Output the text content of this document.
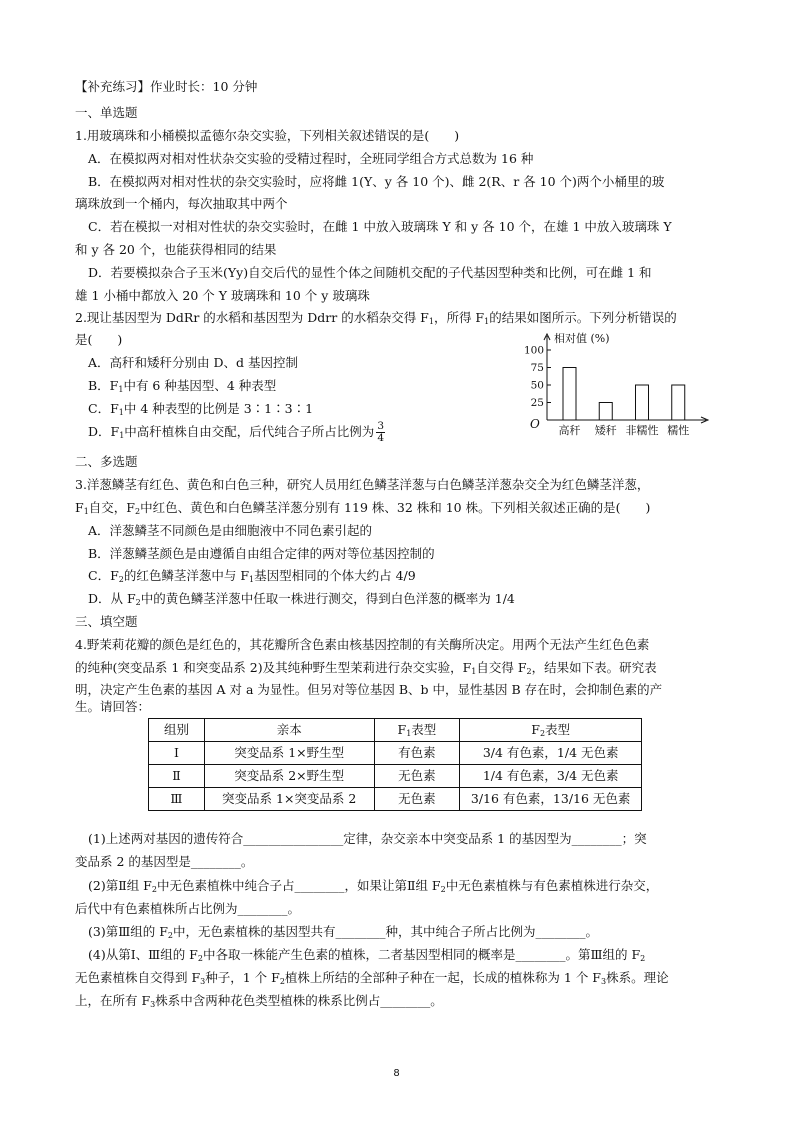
【补充练习】作业时长：10 分钟
一、单选题
1.用玻璃珠和小桶模拟孟德尔杂交实验，下列相关叙述错误的是(　　)
A．在模拟两对相对性状杂交实验的受精过程时，全班同学组合方式总数为 16 种
B．在模拟两对相对性状的杂交实验时，应将雌 1(Y、y 各 10 个)、雌 2(R、r 各 10 个)两个小桶里的玻
璃珠放到一个桶内，每次抽取其中两个
C．若在模拟一对相对性状的杂交实验时，在雌 1 中放入玻璃珠 Y 和 y 各 10 个，在雄 1 中放入玻璃珠 Y
和 y 各 20 个，也能获得相同的结果
D．若要模拟杂合子玉米(Yy)自交后代的显性个体之间随机交配的子代基因型种类和比例，可在雌 1 和
雄 1 小桶中都放入 20 个 Y 玻璃珠和 10 个 y 玻璃珠
2.现让基因型为 DdRr 的水稻和基因型为 Ddrr 的水稻杂交得 $F_1$，所得 $F_1$的结果如图所示。下列分析错误的
是(　　)
A．高秆和矮秆分别由 D、d 基因控制
B．$F_1$中有 6 种基因型、4 种表型
C．$F_1$中 4 种表型的比例是 3∶1∶3∶1
D．$F_1$中高秆植株自由交配，后代纯合子所占比例为 $\frac{3}{4}$
相对值 (%)
25
50
75
100
高秆 矮秆 非糯性 糯性
O
二、多选题
3.洋葱鳞茎有红色、黄色和白色三种，研究人员用红色鳞茎洋葱与白色鳞茎洋葱杂交全为红色鳞茎洋葱，
$F_1$自交，$F_2$中红色、黄色和白色鳞茎洋葱分别有 119 株、32 株和 10 株。下列相关叙述正确的是(　　)
A．洋葱鳞茎不同颜色是由细胞液中不同色素引起的
B．洋葱鳞茎颜色是由遵循自由组合定律的两对等位基因控制的
C．$F_2$的红色鳞茎洋葱中与 $F_1$基因型相同的个体大约占 4/9
D．从 $F_2$中的黄色鳞茎洋葱中任取一株进行测交，得到白色洋葱的概率为 1/4
三、填空题
4.野茉莉花瓣的颜色是红色的，其花瓣所含色素由核基因控制的有关酶所决定。用两个无法产生红色色素
的纯种(突变品系 1 和突变品系 2)及其纯种野生型茉莉进行杂交实验，$F_1$自交得 $F_2$，结果如下表。研究表
明，决定产生色素的基因 A 对 a 为显性。但另对等位基因 B、b 中，显性基因 B 存在时，会抑制色素的产
生。请回答：
组别	亲本	$F_1$表型	$F_2$表型
Ⅰ	突变品系 1×野生型	有色素	3/4 有色素，1/4 无色素
Ⅱ	突变品系 2×野生型	无色素	1/4 有色素，3/4 无色素
Ⅲ	突变品系 1×突变品系 2	无色素	3/16 有色素，13/16 无色素
(1)上述两对基因的遗传符合________________定律，杂交亲本中突变品系 1 的基因型为________；突
变品系 2 的基因型是________。
(2)第Ⅱ组 $F_2$中无色素植株中纯合子占________，如果让第Ⅱ组 $F_2$中无色素植株与有色素植株进行杂交，
后代中有色素植株所占比例为________。
(3)第Ⅲ组的 $F_2$中，无色素植株的基因型共有________种，其中纯合子所占比例为________。
(4)从第Ⅰ、Ⅲ组的 $F_2$中各取一株能产生色素的植株，二者基因型相同的概率是________。第Ⅲ组的 $F_2$
无色素植株自交得到 $F_3$种子，1 个 $F_2$植株上所结的全部种子种在一起，长成的植株称为 1 个 $F_3$株系。理论
上，在所有 $F_3$株系中含两种花色类型植株的株系比例占________。
8
